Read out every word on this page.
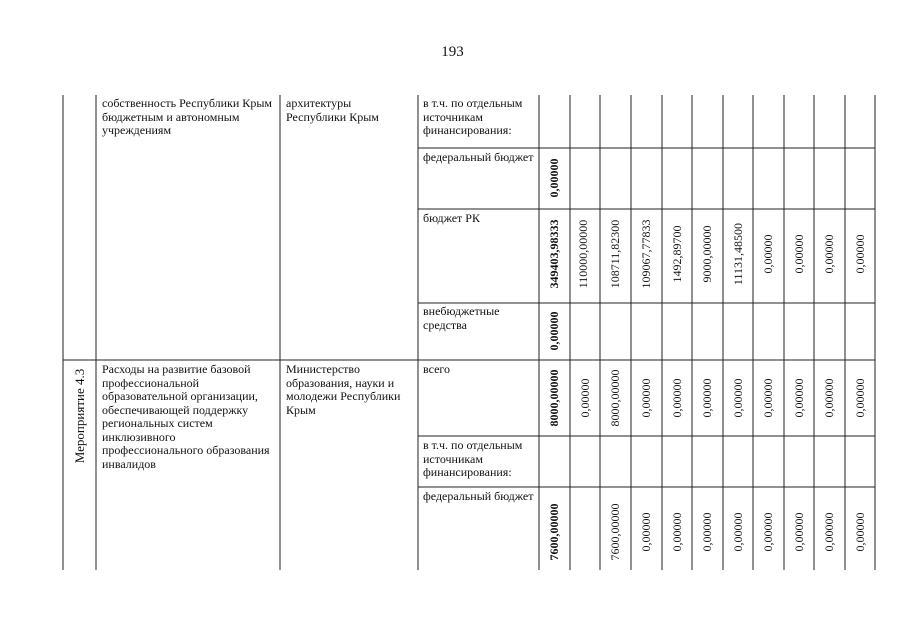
193
собственность Республики Крым бюджетным и автономным учреждениям
архитектуры Республики Крым
в т.ч. по отдельным источникам финансирования:
федеральный бюджет
бюджет РК
внебюджетные средства
0,00000
349403,98333 110000,00000 108711,82300 109067,77833 1492,89700 9000,00000 11131,48500 0,00000 0,00000 0,00000 0,00000
0,00000
Мероприятие 4.3 Расходы на развитие базовой профессиональной образовательной организации, обеспечивающей поддержку региональных систем инклюзивного профессионального образования инвалидов
Министерство образования, науки и молодежи Республики Крым
всего
в т.ч. по отдельным источникам финансирования:
федеральный бюджет
8000,00000 0,00000 8000,00000 0,00000 0,00000 0,00000 0,00000 0,00000 0,00000 0,00000 0,00000
7600,00000	7600,00000 0,00000 0,00000 0,00000 0,00000 0,00000 0,00000 0,00000 0,00000
